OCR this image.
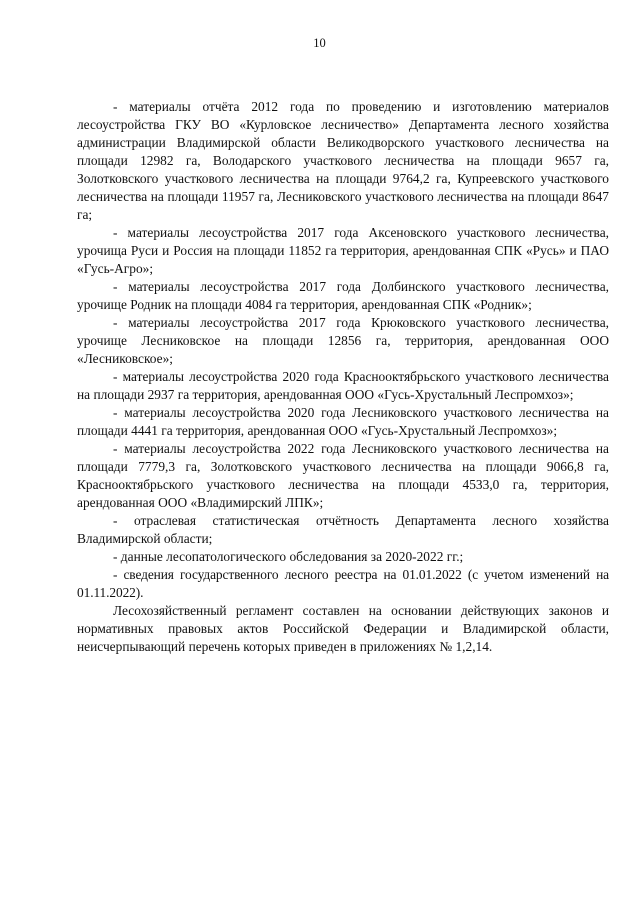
10

- материалы отчёта 2012 года по проведению и изготовлению материалов лесоустройства ГКУ ВО «Курловское лесничество» Департамента лесного хозяйства администрации Владимирской области Великодворского участкового лесничества на площади 12982 га, Володарского участкового лесничества на площади 9657 га, Золотковского участкового лесничества на площади 9764,2 га, Купреевского участкового лесничества на площади 11957 га, Лесниковского участкового лесничества на площади 8647 га;

- материалы лесоустройства 2017 года Аксеновского участкового лесничества, урочища Руси и Россия на площади 11852 га территория, арендованная СПК «Русь» и ПАО «Гусь-Агро»;

- материалы лесоустройства 2017 года Долбинского участкового лесничества, урочище Родник на площади 4084 га территория, арендованная СПК «Родник»;

- материалы лесоустройства 2017 года Крюковского участкового лесничества, урочище Лесниковское на площади 12856 га, территория, арендованная ООО «Лесниковское»;

- материалы лесоустройства 2020 года Краснооктябрьского участкового лесничества на площади 2937 га территория, арендованная ООО «Гусь-Хрустальный Леспромхоз»;

- материалы лесоустройства 2020 года Лесниковского участкового лесничества на площади 4441 га территория, арендованная ООО «Гусь-Хрустальный Леспромхоз»;

- материалы лесоустройства 2022 года Лесниковского участкового лесничества на площади 7779,3 га, Золотковского участкового лесничества на площади 9066,8 га, Краснооктябрьского участкового лесничества на площади 4533,0 га, территория, арендованная ООО «Владимирский ЛПК»;

- отраслевая статистическая отчётность Департамента лесного хозяйства Владимирской области;

- данные лесопатологического обследования за 2020-2022 гг.;

- сведения государственного лесного реестра на 01.01.2022 (с учетом изменений на 01.11.2022).

Лесохозяйственный регламент составлен на основании действующих законов и нормативных правовых актов Российской Федерации и Владимирской области, неисчерпывающий перечень которых приведен в приложениях № 1,2,14.
